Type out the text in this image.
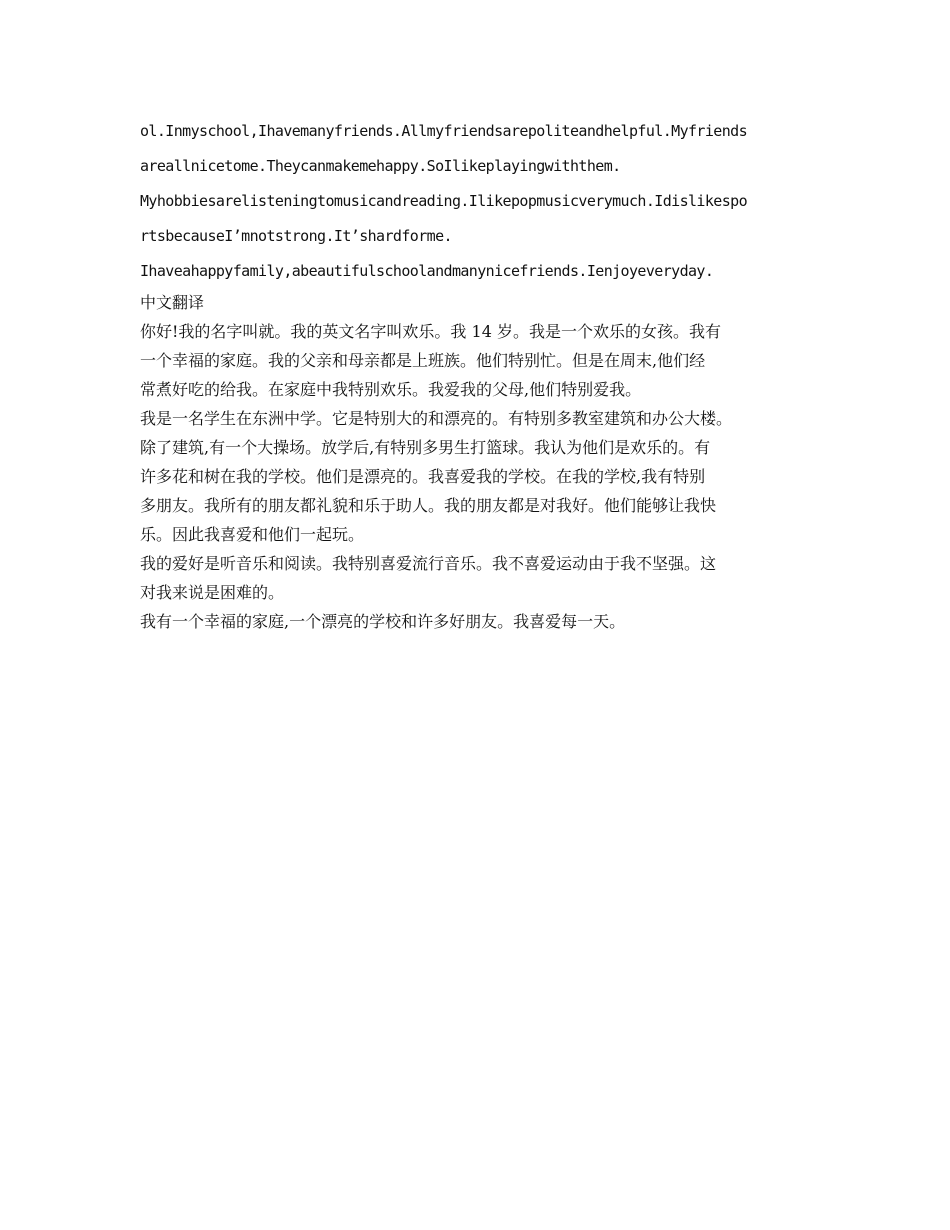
ol.Inmyschool,Ihavemanyfriends.Allmyfriendsarepoliteandhelpful.Myfriends
areallnicetome.Theycanmakemehappy.SoIlikeplayingwiththem.
Myhobbiesarelisteningtomusicandreading.Ilikepopmusicverymuch.Idislikespo
rtsbecauseI’mnotstrong.It’shardforme.
Ihaveahappyfamily,abeautifulschoolandmanynicefriends.Ienjoyeveryday.
中文翻译
你好!我的名字叫就。我的英文名字叫欢乐。我 14 岁。我是一个欢乐的女孩。我有
一个幸福的家庭。我的父亲和母亲都是上班族。他们特别忙。但是在周末,他们经
常煮好吃的给我。在家庭中我特别欢乐。我爱我的父母,他们特别爱我。
我是一名学生在东洲中学。它是特别大的和漂亮的。有特别多教室建筑和办公大楼。
除了建筑,有一个大操场。放学后,有特别多男生打篮球。我认为他们是欢乐的。有
许多花和树在我的学校。他们是漂亮的。我喜爱我的学校。在我的学校,我有特别
多朋友。我所有的朋友都礼貌和乐于助人。我的朋友都是对我好。他们能够让我快
乐。因此我喜爱和他们一起玩。
我的爱好是听音乐和阅读。我特别喜爱流行音乐。我不喜爱运动由于我不坚强。这
对我来说是困难的。
我有一个幸福的家庭,一个漂亮的学校和许多好朋友。我喜爱每一天。
